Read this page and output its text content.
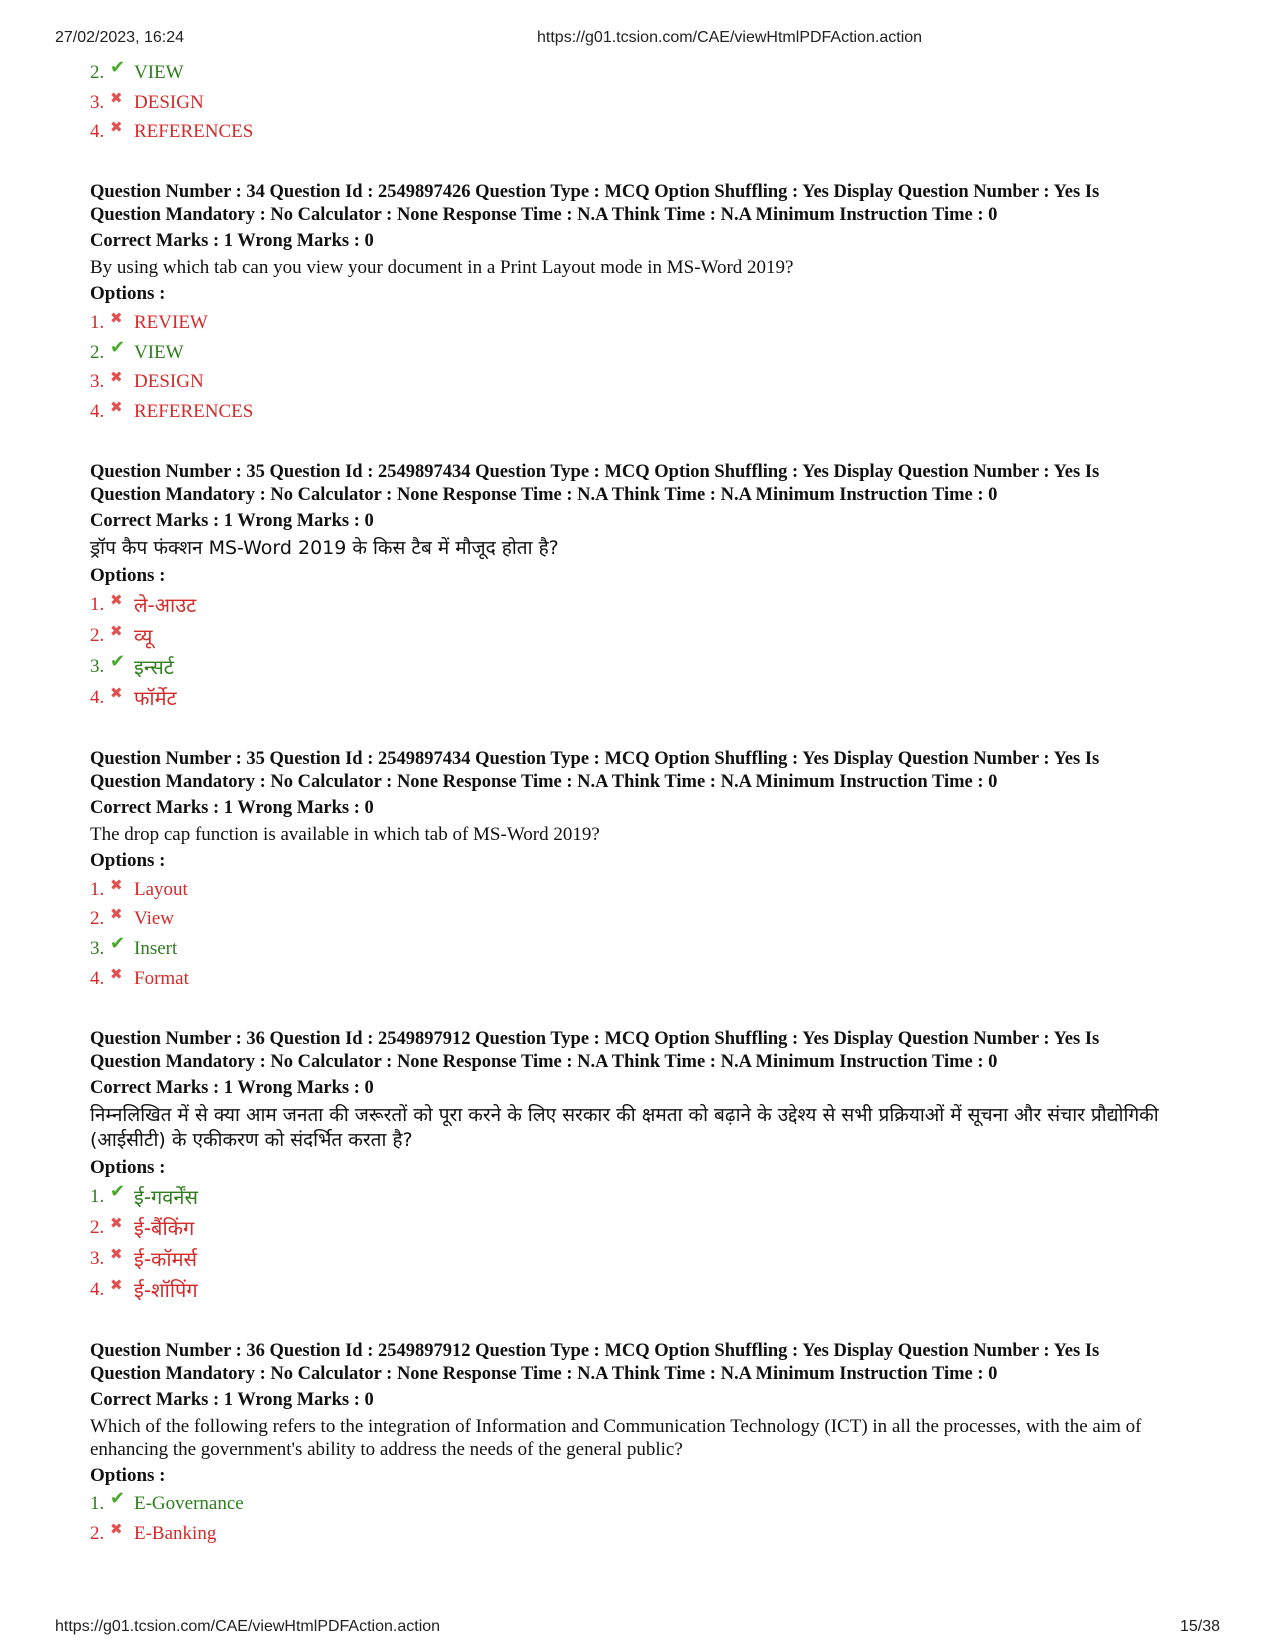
27/02/2023, 16:24	https://g01.tcsion.com/CAE/viewHtmlPDFAction.action
2. ✔ VIEW
3. ✖ DESIGN
4. ✖ REFERENCES
Question Number : 34 Question Id : 2549897426 Question Type : MCQ Option Shuffling : Yes Display Question Number : Yes Is
Question Mandatory : No Calculator : None Response Time : N.A Think Time : N.A Minimum Instruction Time : 0
Correct Marks : 1 Wrong Marks : 0
By using which tab can you view your document in a Print Layout mode in MS-Word 2019?
Options :
1. ✖ REVIEW
2. ✔ VIEW
3. ✖ DESIGN
4. ✖ REFERENCES
Question Number : 35 Question Id : 2549897434 Question Type : MCQ Option Shuffling : Yes Display Question Number : Yes Is
Question Mandatory : No Calculator : None Response Time : N.A Think Time : N.A Minimum Instruction Time : 0
Correct Marks : 1 Wrong Marks : 0
ड्रॉप कैप फंक्शन MS-Word 2019 के किस टैब में मौजूद होता है?
Options :
1. ✖ ले-आउट
2. ✖ व्यू
3. ✔ इन्सर्ट
4. ✖ फॉर्मेट
Question Number : 35 Question Id : 2549897434 Question Type : MCQ Option Shuffling : Yes Display Question Number : Yes Is
Question Mandatory : No Calculator : None Response Time : N.A Think Time : N.A Minimum Instruction Time : 0
Correct Marks : 1 Wrong Marks : 0
The drop cap function is available in which tab of MS-Word 2019?
Options :
1. ✖ Layout
2. ✖ View
3. ✔ Insert
4. ✖ Format
Question Number : 36 Question Id : 2549897912 Question Type : MCQ Option Shuffling : Yes Display Question Number : Yes Is
Question Mandatory : No Calculator : None Response Time : N.A Think Time : N.A Minimum Instruction Time : 0
Correct Marks : 1 Wrong Marks : 0
निम्नलिखित में से क्या आम जनता की जरूरतों को पूरा करने के लिए सरकार की क्षमता को बढ़ाने के उद्देश्य से सभी प्रक्रियाओं में सूचना और संचार प्रौद्योगिकी (आईसीटी) के एकीकरण को संदर्भित करता है?
Options :
1. ✔ ई-गवर्नेंस
2. ✖ ई-बैंकिंग
3. ✖ ई-कॉमर्स
4. ✖ ई-शॉपिंग
Question Number : 36 Question Id : 2549897912 Question Type : MCQ Option Shuffling : Yes Display Question Number : Yes Is
Question Mandatory : No Calculator : None Response Time : N.A Think Time : N.A Minimum Instruction Time : 0
Correct Marks : 1 Wrong Marks : 0
Which of the following refers to the integration of Information and Communication Technology (ICT) in all the processes, with the aim of enhancing the government's ability to address the needs of the general public?
Options :
1. ✔ E-Governance
2. ✖ E-Banking
https://g01.tcsion.com/CAE/viewHtmlPDFAction.action	15/38
